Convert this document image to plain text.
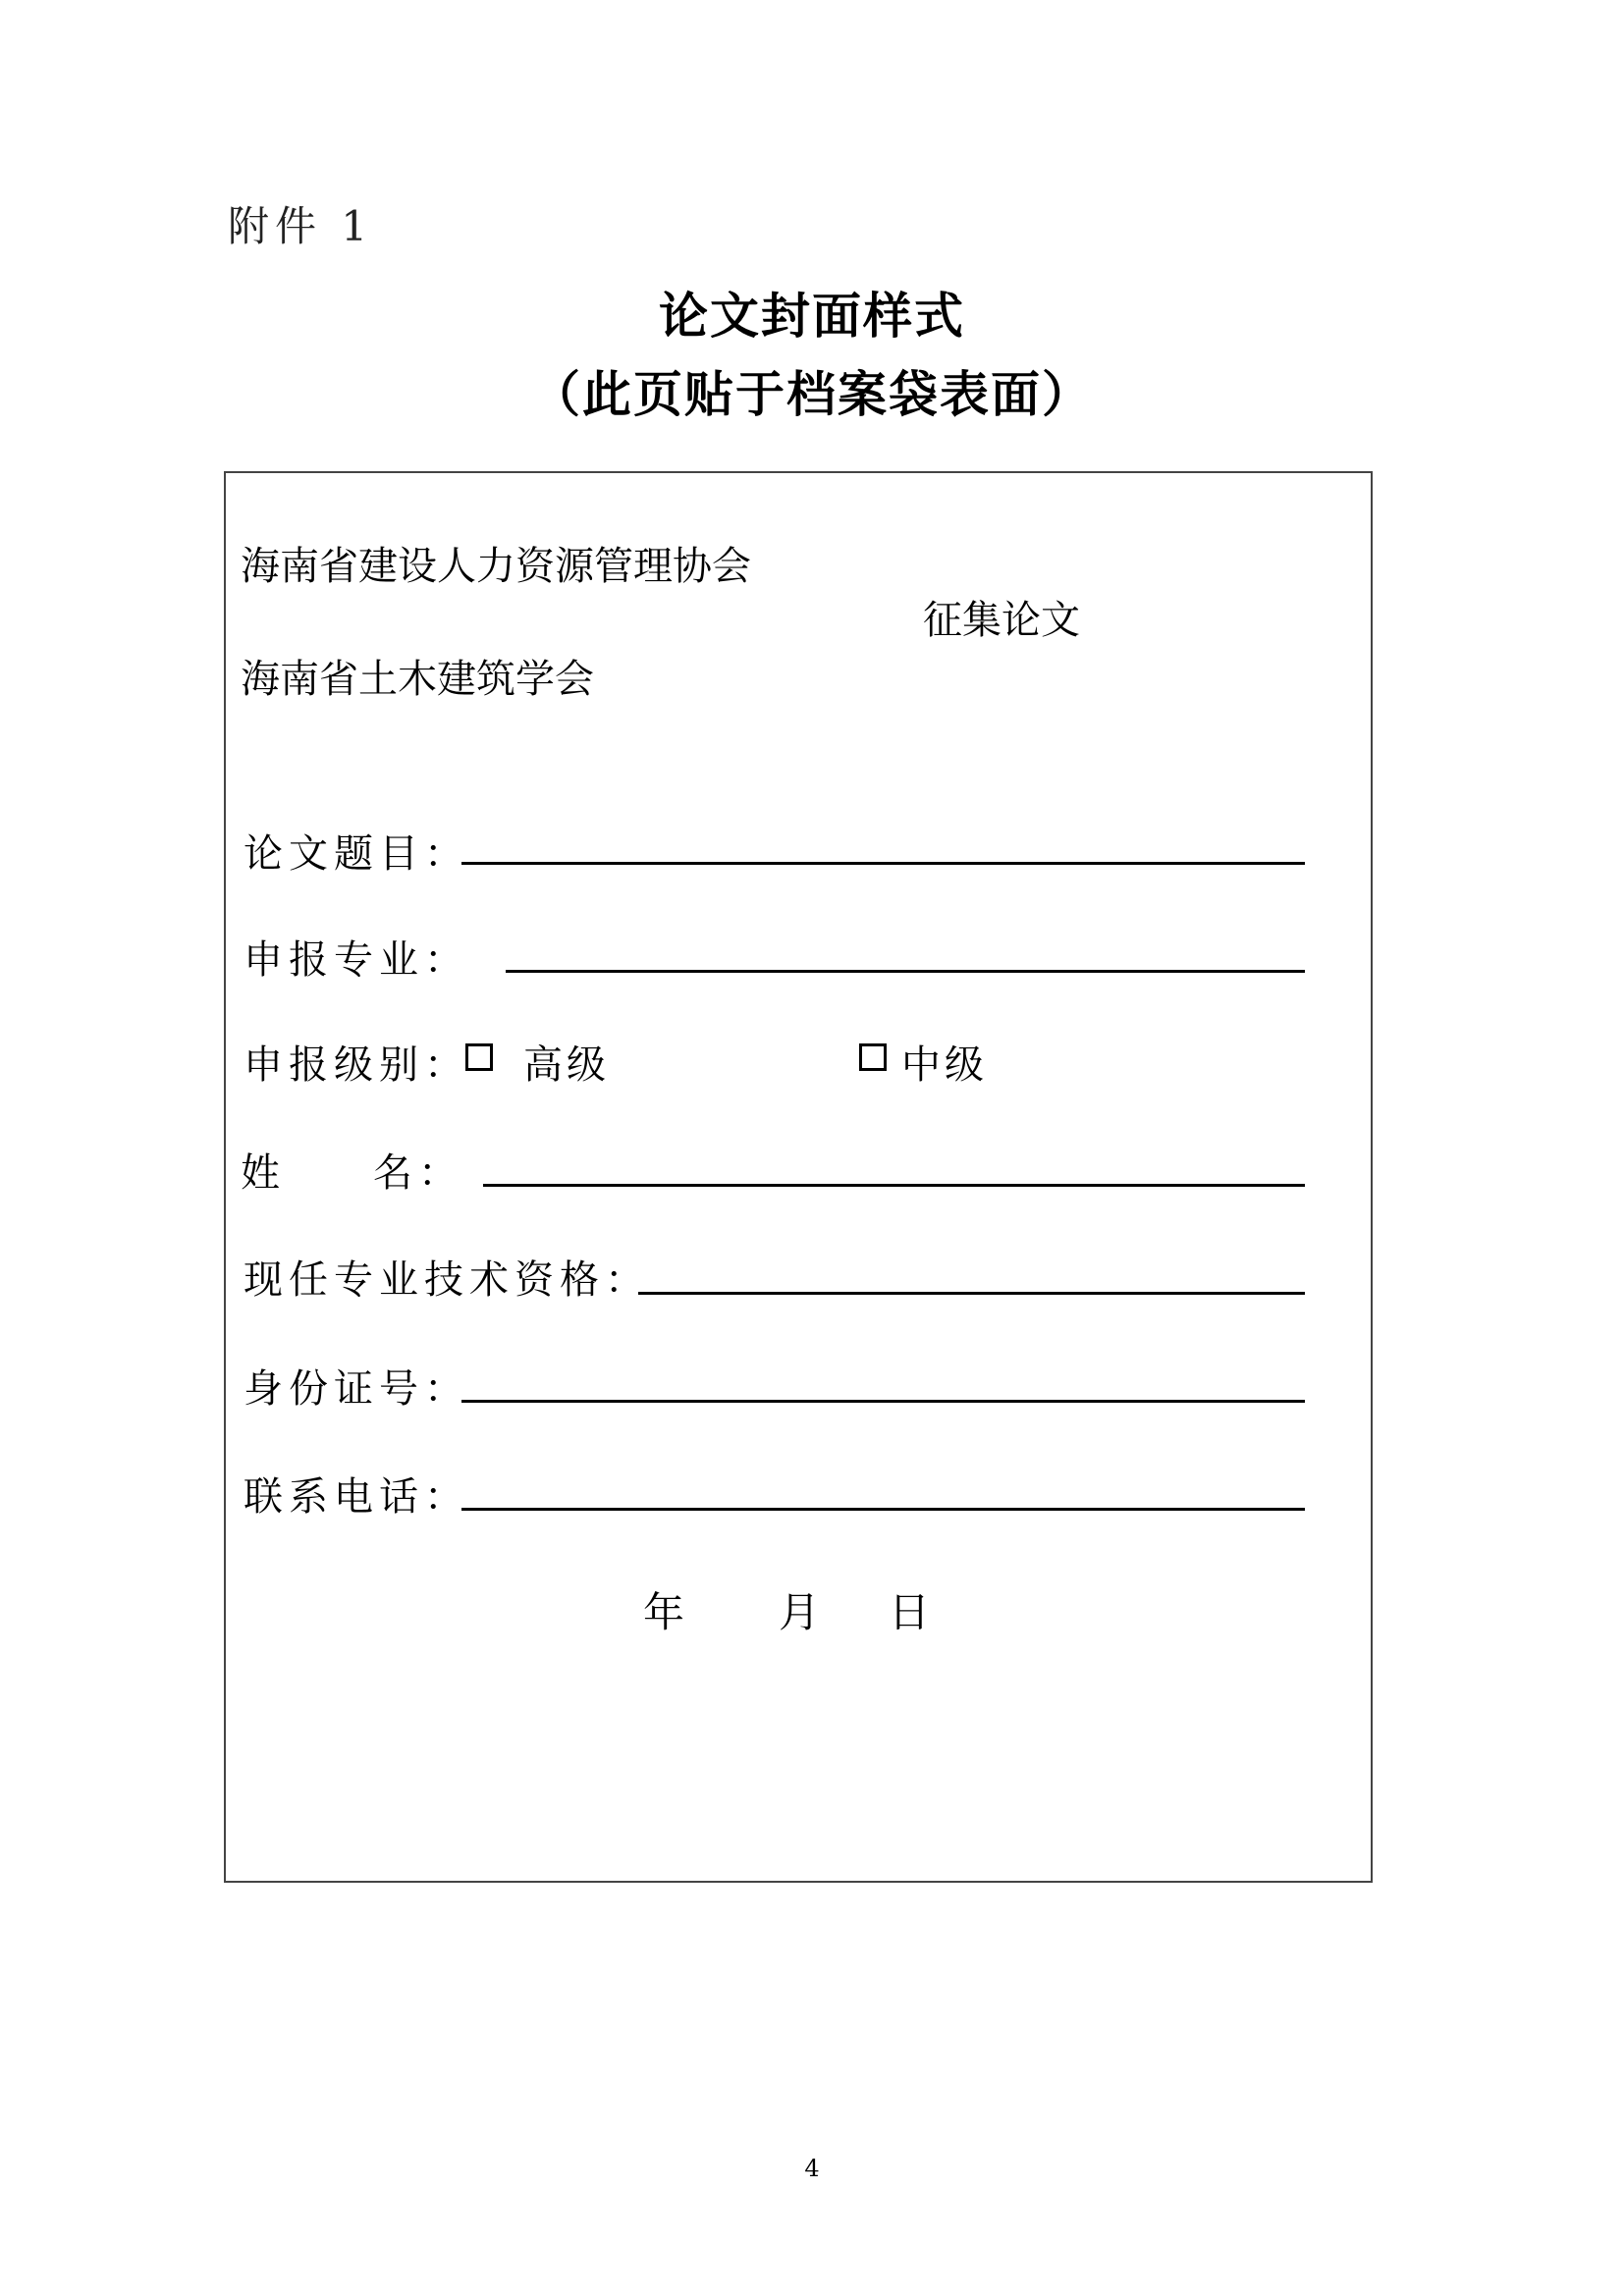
附件 1
论文封面样式
（此页贴于档案袋表面）
海南省建设人力资源管理协会
征集论文
海南省土木建筑学会
论文题目：
申报专业：
申报级别： 高级	中级
姓 名：
现任专业技术资格：
身份证号：
联系电话：
年 月 日
4
